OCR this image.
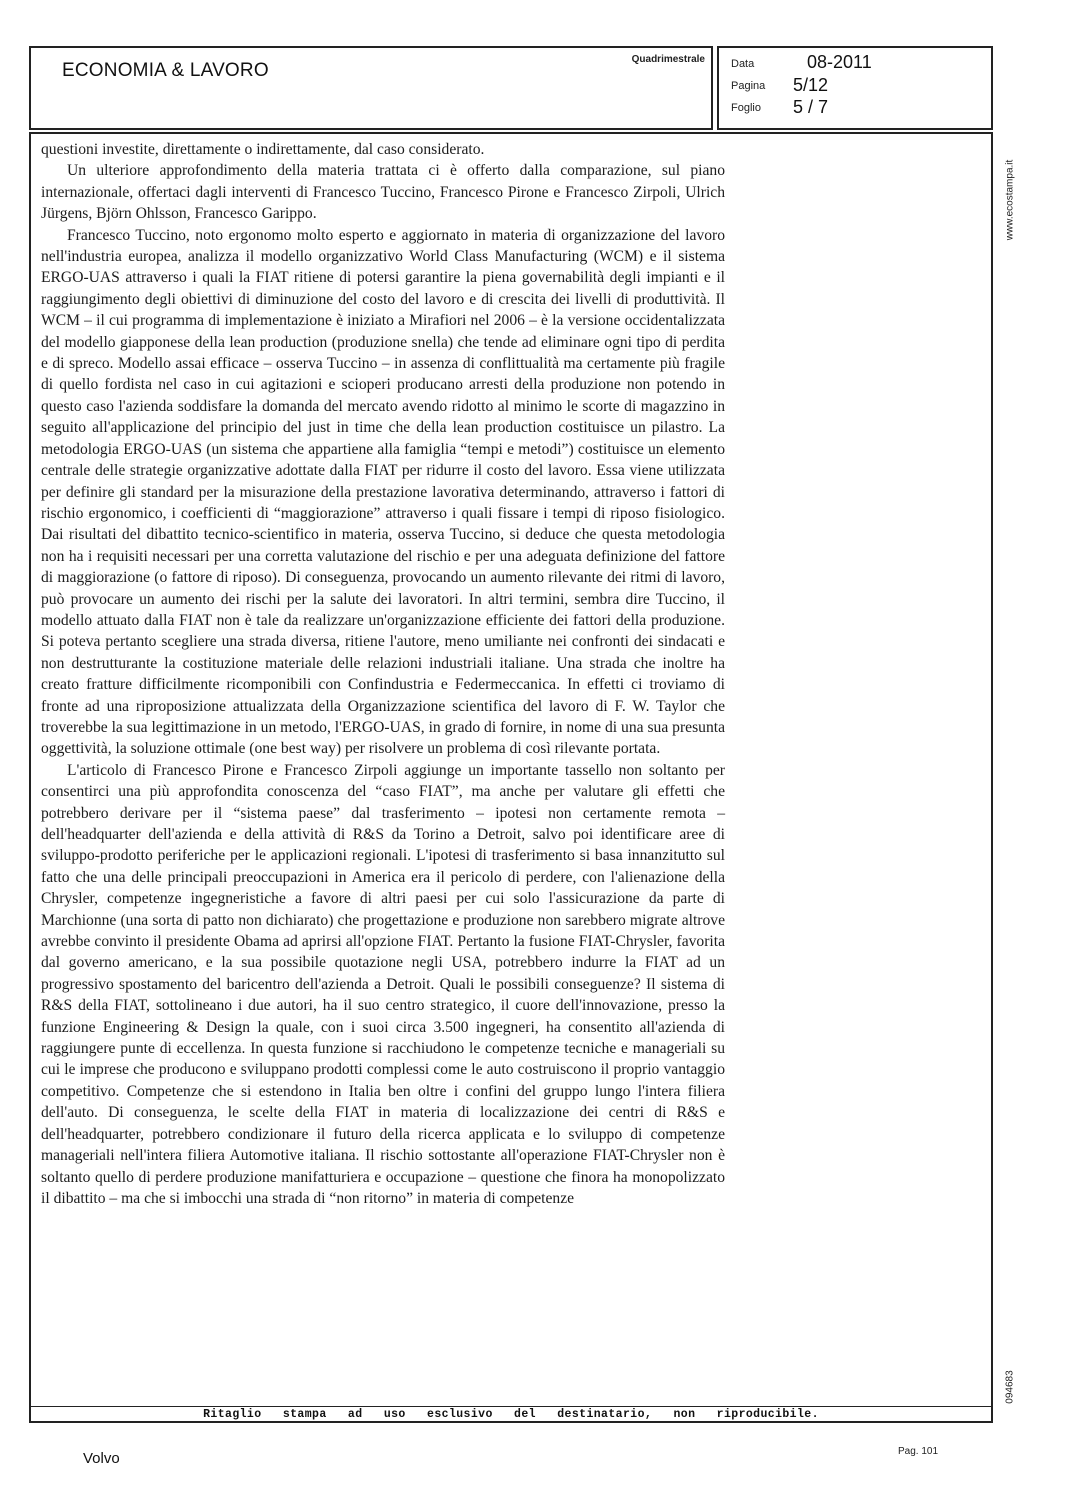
ECONOMIA & LAVORO
Quadrimestrale Data	08-2011
Pagina	5/12
Foglio	5 / 7

questioni investite, direttamente o indirettamente, dal caso considerato.

Un ulteriore approfondimento della materia trattata ci è offerto dalla comparazione, sul piano internazionale, offertaci dagli interventi di Francesco Tuccino, Francesco Pirone e Francesco Zirpoli, Ulrich Jürgens, Björn Ohlsson, Francesco Garippo.

Francesco Tuccino, noto ergonomo molto esperto e aggiornato in materia di organizzazione del lavoro nell'industria europea, analizza il modello organizzativo World Class Manufacturing (WCM) e il sistema ERGO-UAS attraverso i quali la FIAT ritiene di potersi garantire la piena governabilità degli impianti e il raggiungimento degli obiettivi di diminuzione del costo del lavoro e di crescita dei livelli di produttività. Il WCM – il cui programma di implementazione è iniziato a Mirafiori nel 2006 – è la versione occidentalizzata del modello giapponese della lean production (produzione snella) che tende ad eliminare ogni tipo di perdita e di spreco. Modello assai efficace – osserva Tuccino – in assenza di conflittualità ma certamente più fragile di quello fordista nel caso in cui agitazioni e scioperi producano arresti della produzione non potendo in questo caso l'azienda soddisfare la domanda del mercato avendo ridotto al minimo le scorte di magazzino in seguito all'applicazione del principio del just in time che della lean production costituisce un pilastro. La metodologia ERGO-UAS (un sistema che appartiene alla famiglia “tempi e metodi”) costituisce un elemento centrale delle strategie organizzative adottate dalla FIAT per ridurre il costo del lavoro. Essa viene utilizzata per definire gli standard per la misurazione della prestazione lavorativa determinando, attraverso i fattori di rischio ergonomico, i coefficienti di “maggiorazione” attraverso i quali fissare i tempi di riposo fisiologico. Dai risultati del dibattito tecnico-scientifico in materia, osserva Tuccino, si deduce che questa metodologia non ha i requisiti necessari per una corretta valutazione del rischio e per una adeguata definizione del fattore di maggiorazione (o fattore di riposo). Di conseguenza, provocando un aumento rilevante dei ritmi di lavoro, può provocare un aumento dei rischi per la salute dei lavoratori. In altri termini, sembra dire Tuccino, il modello attuato dalla FIAT non è tale da realizzare un'organizzazione efficiente dei fattori della produzione. Si poteva pertanto scegliere una strada diversa, ritiene l'autore, meno umiliante nei confronti dei sindacati e non destrutturante la costituzione materiale delle relazioni industriali italiane. Una strada che inoltre ha creato fratture difficilmente ricomponibili con Confindustria e Federmeccanica. In effetti ci troviamo di fronte ad una riproposizione attualizzata della Organizzazione scientifica del lavoro di F. W. Taylor che troverebbe la sua legittimazione in un metodo, l'ERGO-UAS, in grado di fornire, in nome di una sua presunta oggettività, la soluzione ottimale (one best way) per risolvere un problema di così rilevante portata.

L'articolo di Francesco Pirone e Francesco Zirpoli aggiunge un importante tassello non soltanto per consentirci una più approfondita conoscenza del “caso FIAT”, ma anche per valutare gli effetti che potrebbero derivare per il “sistema paese” dal trasferimento – ipotesi non certamente remota – dell'headquarter dell'azienda e della attività di R&S da Torino a Detroit, salvo poi identificare aree di sviluppo-prodotto periferiche per le applicazioni regionali. L'ipotesi di trasferimento si basa innanzitutto sul fatto che una delle principali preoccupazioni in America era il pericolo di perdere, con l'alienazione della Chrysler, competenze ingegneristiche a favore di altri paesi per cui solo l'assicurazione da parte di Marchionne (una sorta di patto non dichiarato) che progettazione e produzione non sarebbero migrate altrove avrebbe convinto il presidente Obama ad aprirsi all'opzione FIAT. Pertanto la fusione FIAT-Chrysler, favorita dal governo americano, e la sua possibile quotazione negli USA, potrebbero indurre la FIAT ad un progressivo spostamento del baricentro dell'azienda a Detroit. Quali le possibili conseguenze? Il sistema di R&S della FIAT, sottolineano i due autori, ha il suo centro strategico, il cuore dell'innovazione, presso la funzione Engineering & Design la quale, con i suoi circa 3.500 ingegneri, ha consentito all'azienda di raggiungere punte di eccellenza. In questa funzione si racchiudono le competenze tecniche e manageriali su cui le imprese che producono e sviluppano prodotti complessi come le auto costruiscono il proprio vantaggio competitivo. Competenze che si estendono in Italia ben oltre i confini del gruppo lungo l'intera filiera dell'auto. Di conseguenza, le scelte della FIAT in materia di localizzazione dei centri di R&S e dell'headquarter, potrebbero condizionare il futuro della ricerca applicata e lo sviluppo di competenze manageriali nell'intera filiera Automotive italiana. Il rischio sottostante all'operazione FIAT-Chrysler non è soltanto quello di perdere produzione manifatturiera e occupazione – questione che finora ha monopolizzato il dibattito – ma che si imbocchi una strada di “non ritorno” in materia di competenze

Ritaglio stampa ad uso esclusivo del destinatario, non riproducibile.
www.ecostampa.it
094683
Volvo	Pag. 101
